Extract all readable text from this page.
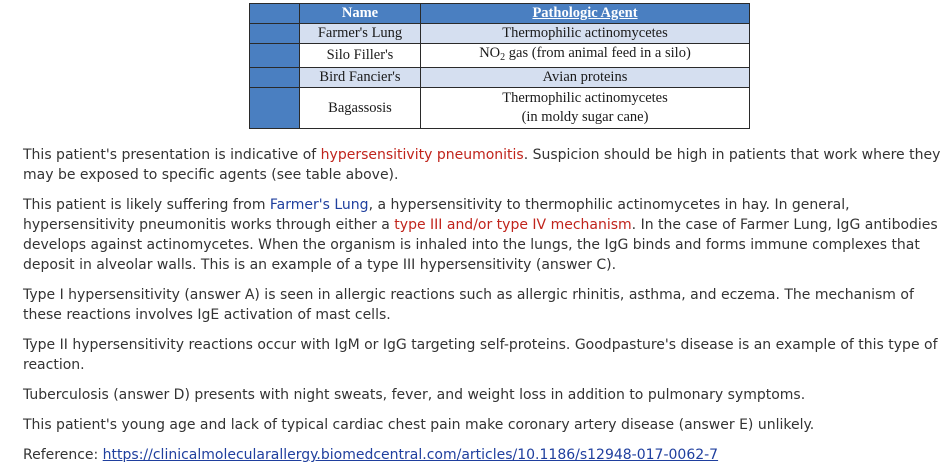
	Name	Pathologic Agent
	Farmer's Lung	Thermophilic actinomycetes
	Silo Filler's	$NO_2$ gas (from animal feed in a silo)
	Bird Fancier's	Avian proteins
	Bagassosis	Thermophilic actinomycetes
(in moldy sugar cane)

This patient's presentation is indicative of hypersensitivity pneumonitis. Suspicion should be high in patients that work where they may be exposed to specific agents (see table above).

This patient is likely suffering from Farmer's Lung, a hypersensitivity to thermophilic actinomycetes in hay. In general, hypersensitivity pneumonitis works through either a type III and/or type IV mechanism. In the case of Farmer Lung, IgG antibodies develops against actinomycetes. When the organism is inhaled into the lungs, the IgG binds and forms immune complexes that deposit in alveolar walls. This is an example of a type III hypersensitivity (answer C).

Type I hypersensitivity (answer A) is seen in allergic reactions such as allergic rhinitis, asthma, and eczema. The mechanism of these reactions involves IgE activation of mast cells.

Type II hypersensitivity reactions occur with IgM or IgG targeting self-proteins. Goodpasture's disease is an example of this type of reaction.

Tuberculosis (answer D) presents with night sweats, fever, and weight loss in addition to pulmonary symptoms.

This patient's young age and lack of typical cardiac chest pain make coronary artery disease (answer E) unlikely.

Reference: https://clinicalmolecularallergy.biomedcentral.com/articles/10.1186/s12948-017-0062-7
